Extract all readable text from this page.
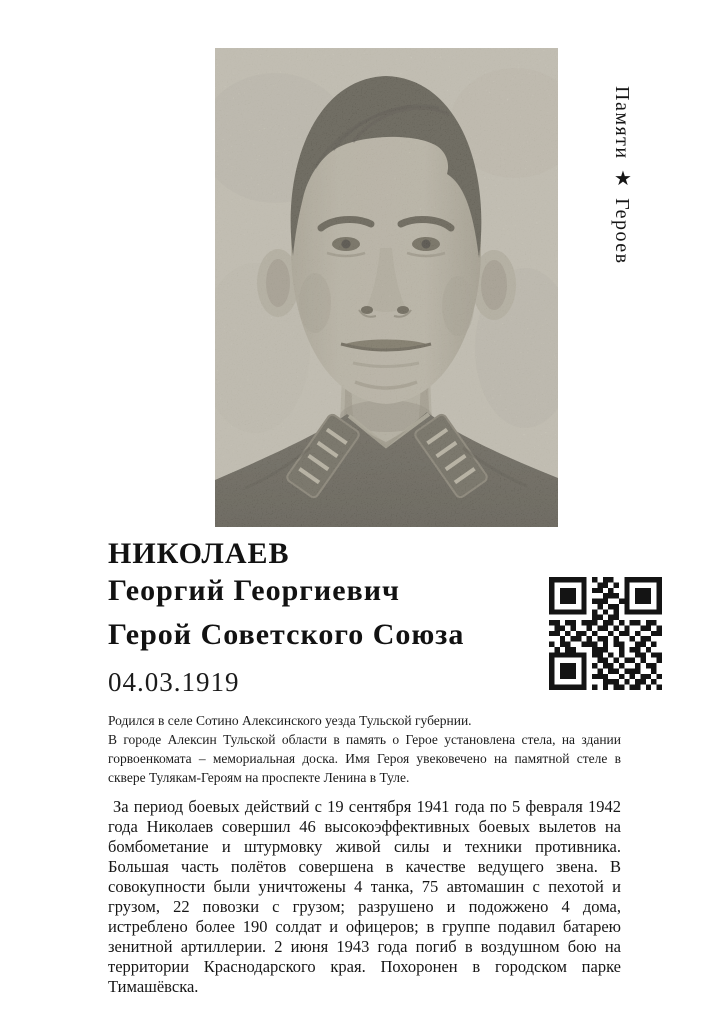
Памяти ★ Героев
НИКОЛАЕВ
Георгий Георгиевич
Герой Советского Союза
04.03.1919

Родился в селе Сотино Алексинского уезда Тульской губернии.

В городе Алексин Тульской области в память о Герое установлена стела, на здании горвоенкомата – мемориальная доска. Имя Героя увековечено на памятной стеле в сквере Тулякам-Героям на проспекте Ленина в Туле.

За период боевых действий с 19 сентября 1941 года по 5 февраля 1942 года Николаев совершил 46 высокоэффективных боевых вылетов на бомбометание и штурмовку живой силы и техники противника. Большая часть полётов совершена в качестве ведущего звена. В совокупности были уничтожены 4 танка, 75 автомашин с пехотой и грузом, 22 повозки с грузом; разрушено и подожжено 4 дома, истреблено более 190 солдат и офицеров; в группе подавил батарею зенитной артиллерии. 2 июня 1943 года погиб в воздушном бою на территории Краснодарского края. Похоронен в городском парке Тимашёвска.
